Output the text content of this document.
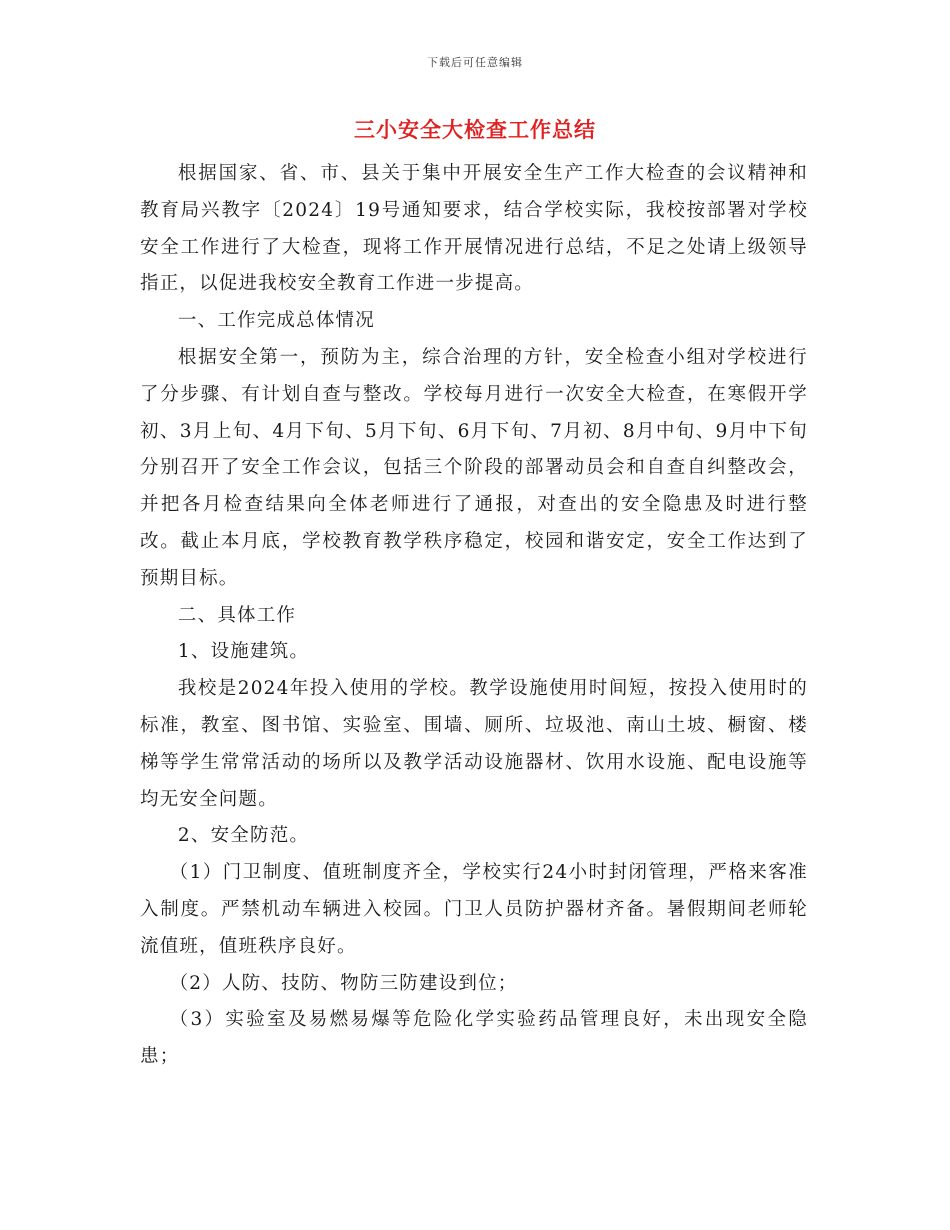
下载后可任意编辑
三小安全大检查工作总结

根据国家、省、市、县关于集中开展安全生产工作大检查的会议精神和教育局兴教字〔2024〕19号通知要求，结合学校实际，我校按部署对学校安全工作进行了大检查，现将工作开展情况进行总结，不足之处请上级领导指正，以促进我校安全教育工作进一步提高。

一、工作完成总体情况

根据安全第一，预防为主，综合治理的方针，安全检查小组对学校进行了分步骤、有计划自查与整改。学校每月进行一次安全大检查，在寒假开学初、3月上旬、4月下旬、5月下旬、6月下旬、7月初、8月中旬、9月中下旬分别召开了安全工作会议，包括三个阶段的部署动员会和自查自纠整改会，并把各月检查结果向全体老师进行了通报，对查出的安全隐患及时进行整改。截止本月底，学校教育教学秩序稳定，校园和谐安定，安全工作达到了预期目标。

二、具体工作

1、设施建筑。

我校是2024年投入使用的学校。教学设施使用时间短，按投入使用时的标准，教室、图书馆、实验室、围墙、厕所、垃圾池、南山土坡、橱窗、楼梯等学生常常活动的场所以及教学活动设施器材、饮用水设施、配电设施等均无安全问题。

2、安全防范。

（1）门卫制度、值班制度齐全，学校实行24小时封闭管理，严格来客准入制度。严禁机动车辆进入校园。门卫人员防护器材齐备。暑假期间老师轮流值班，值班秩序良好。

（2）人防、技防、物防三防建设到位；

（3）实验室及易燃易爆等危险化学实验药品管理良好，未出现安全隐患；
